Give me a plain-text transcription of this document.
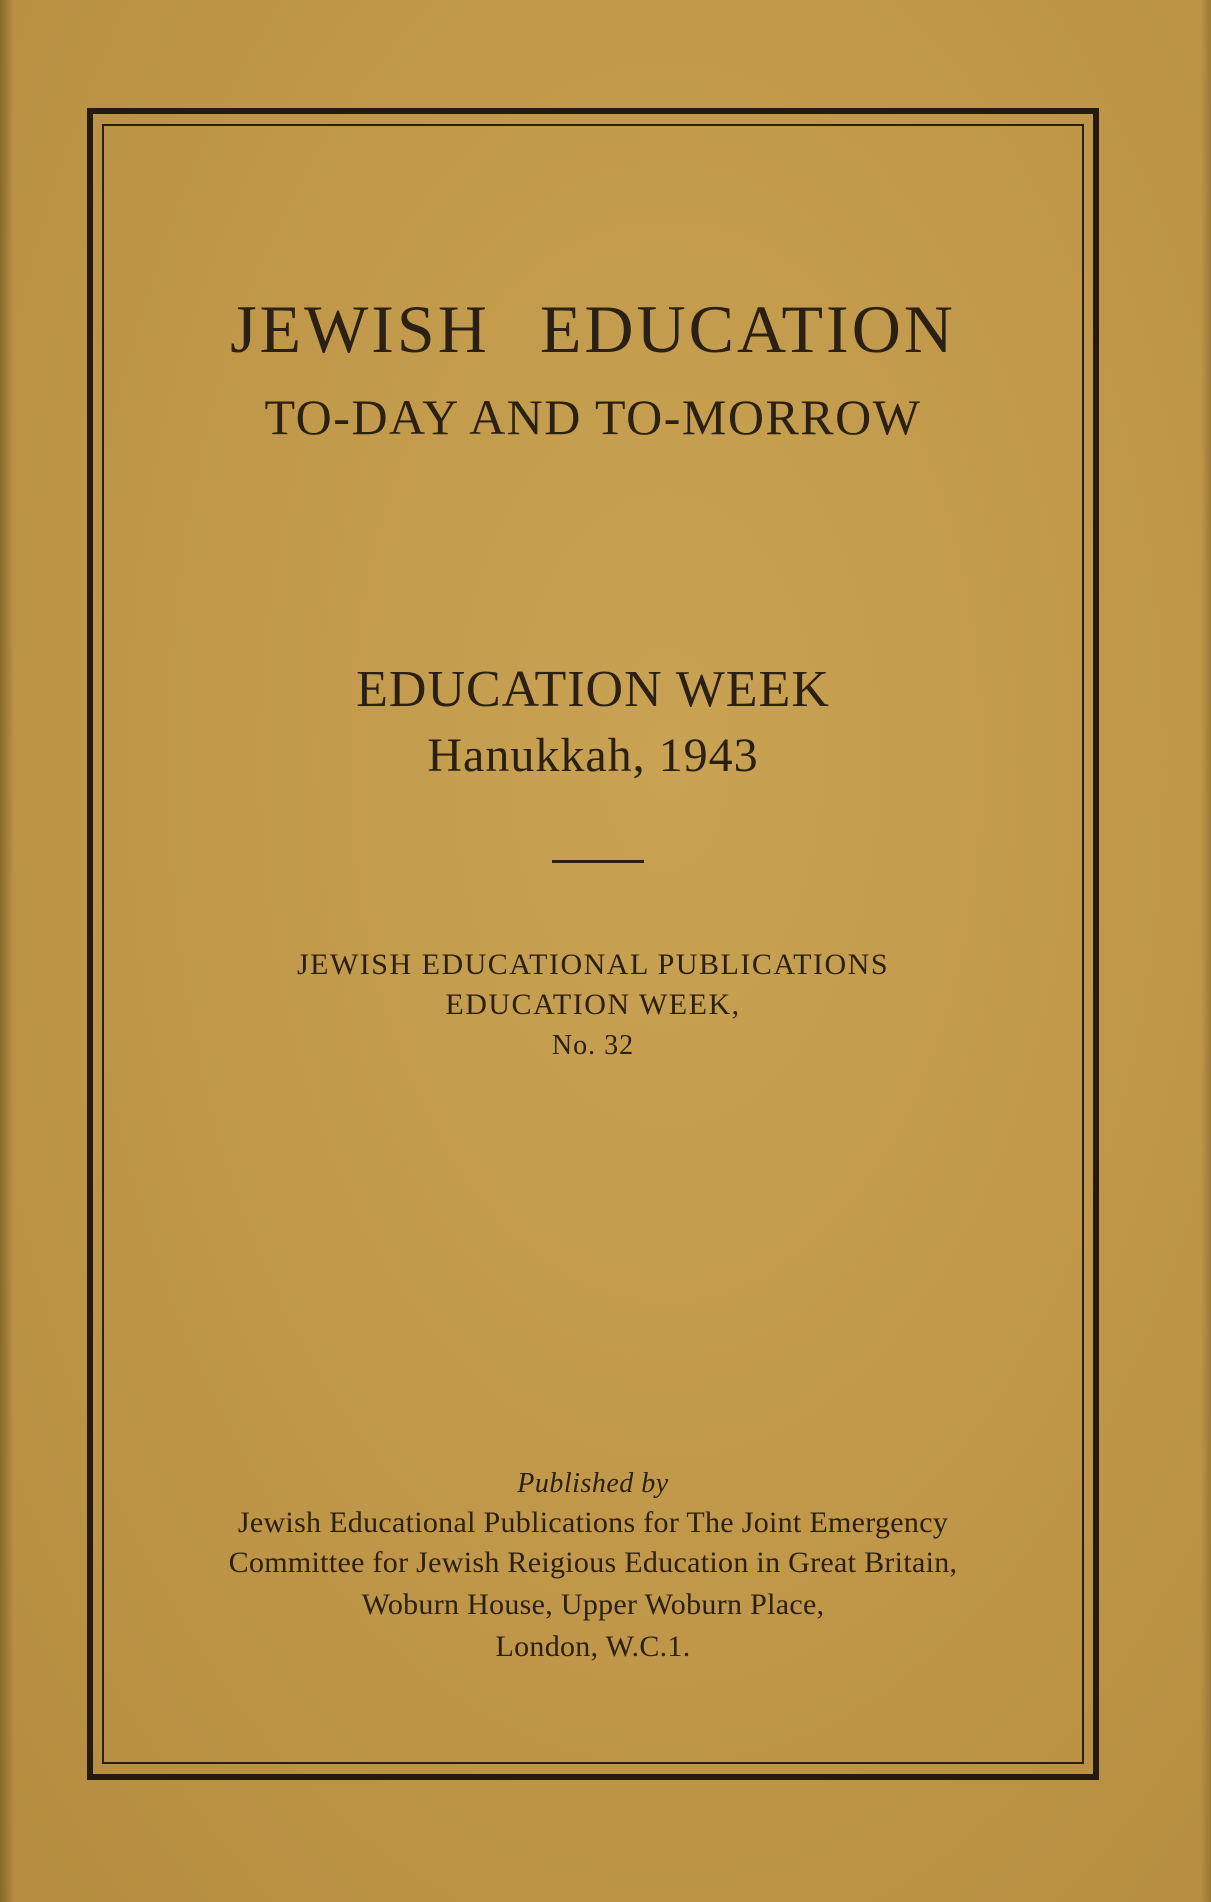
JEWISH EDUCATION
TO-DAY AND TO-MORROW
EDUCATION WEEK
Hanukkah, 1943
JEWISH EDUCATIONAL PUBLICATIONS
EDUCATION WEEK,
No. 32
Published by
Jewish Educational Publications for The Joint Emergency
Committee for Jewish Reigious Education in Great Britain,
Woburn House, Upper Woburn Place,
London, W.C.1.
